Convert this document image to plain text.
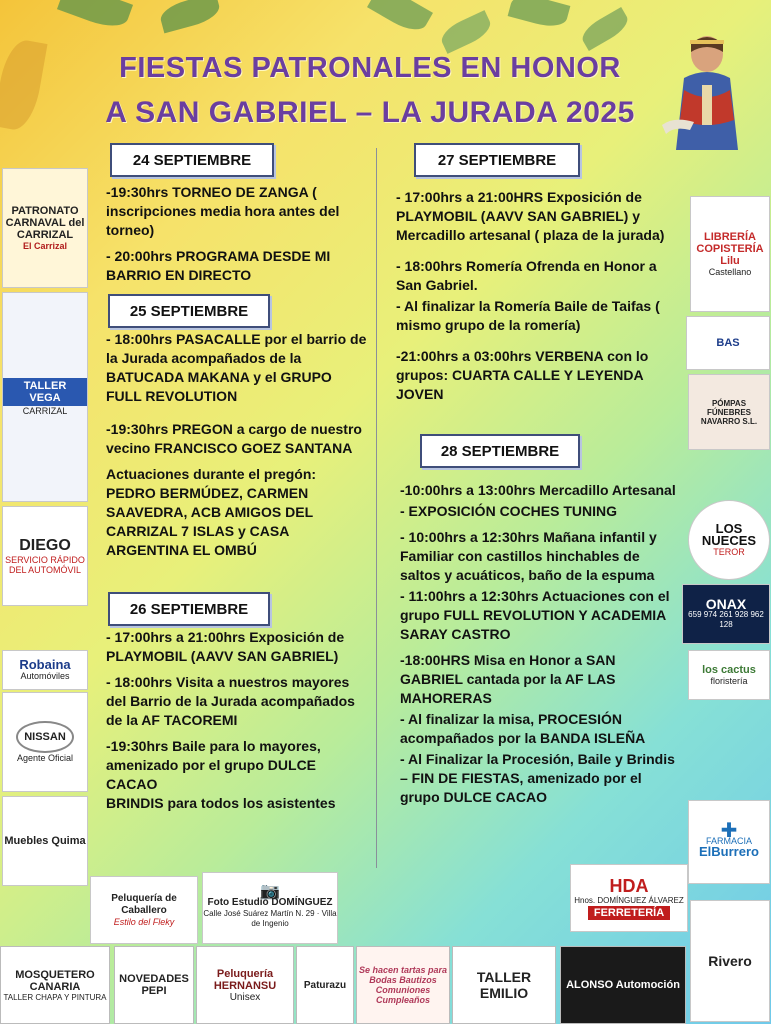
FIESTAS PATRONALES EN HONOR
A SAN GABRIEL – LA JURADA 2025
24 SEPTIEMBRE
25 SEPTIEMBRE
26 SEPTIEMBRE
27 SEPTIEMBRE
28 SEPTIEMBRE

-19:30hrs TORNEO DE ZANGA ( inscripciones media hora antes del torneo)

- 20:00hrs PROGRAMA DESDE MI BARRIO EN DIRECTO

- 18:00hrs PASACALLE por el barrio de la Jurada acompañados de la BATUCADA MAKANA y el GRUPO FULL REVOLUTION

-19:30hrs PREGON a cargo de nuestro vecino FRANCISCO GOEZ SANTANA

Actuaciones durante el pregón: PEDRO BERMÚDEZ, CARMEN SAAVEDRA, ACB AMIGOS DEL CARRIZAL 7 ISLAS y CASA ARGENTINA EL OMBÚ

- 17:00hrs a 21:00hrs Exposición de PLAYMOBIL (AAVV SAN GABRIEL)

- 18:00hrs Visita a nuestros mayores del Barrio de la Jurada acompañados de la AF TACOREMI

-19:30hrs Baile para lo mayores, amenizado por el grupo DULCE CACAO

BRINDIS para todos los asistentes

- 17:00hrs a 21:00HRS Exposición de PLAYMOBIL (AAVV SAN GABRIEL) y Mercadillo artesanal ( plaza de la jurada)

- 18:00hrs Romería Ofrenda en Honor a San Gabriel.

- Al finalizar la Romería Baile de Taifas ( mismo grupo de la romería)

-21:00hrs a 03:00hrs VERBENA con lo grupos: CUARTA CALLE Y LEYENDA JOVEN

-10:00hrs a 13:00hrs Mercadillo Artesanal

- EXPOSICIÓN COCHES TUNING

- 10:00hrs a 12:30hrs Mañana infantil y Familiar con castillos hinchables de saltos y acuáticos, baño de la espuma

- 11:00hrs a 12:30hrs Actuaciones con el grupo FULL REVOLUTION Y ACADEMIA SARAY CASTRO

-18:00HRS Misa en Honor a SAN GABRIEL cantada por la AF LAS MAHORERAS

- Al finalizar la misa, PROCESIÓN acompañados por la BANDA ISLEÑA

- Al Finalizar la Procesión, Baile y Brindis – FIN DE FIESTAS, amenizado por el grupo DULCE CACAO

PATRONATO CARNAVAL del CARRIZAL
El Carrizal
TALLER VEGA
CARRIZAL
DIEGO
SERVICIO RÁPIDO DEL AUTOMÓVIL
Robaina
Automóviles
NISSAN
Agente Oficial
Muebles Quima
LIBRERÍA COPISTERÍA Lilu
Castellano
BAS
PÓMPAS FÚNEBRES NAVARRO S.L.
LOS NUECES
TEROR
ONAX
659 974 261 928 962 128
los cactus
floristería
✚
FARMACIA
ElBurrero
Rivero
Peluquería de Caballero
Estilo del Fleky
📷
Foto Estudio DOMÍNGUEZ
Calle José Suárez Martín N. 29 · Villa de Ingenio
HDA
Hnos. DOMÍNGUEZ ÁLVAREZ
FERRETERÍA
MOSQUETERO CANARIA
TALLER CHAPA Y PINTURA
NOVEDADES PEPI
Peluquería HERNANSU
Unisex
Paturazu
Se hacen tartas para Bodas Bautizos Comuniones Cumpleaños
TALLER EMILIO	ALONSO Automoción
